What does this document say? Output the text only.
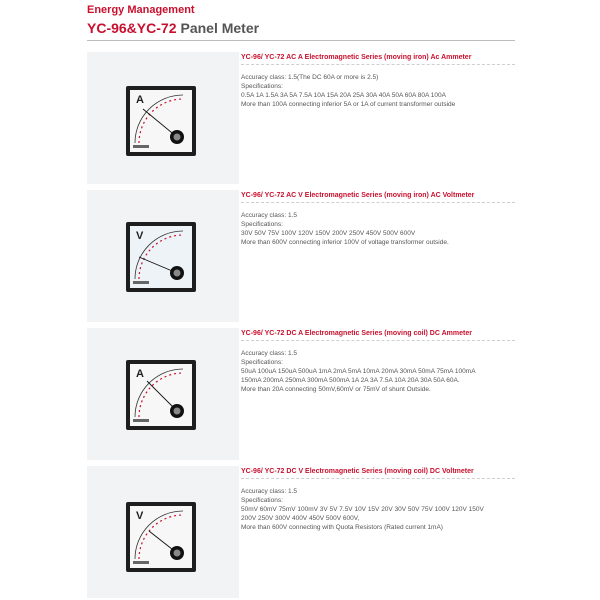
Energy Management
YC-96&YC-72 Panel Meter
A
YC-96/ YC-72 AC A Electromagnetic Series (moving iron) Ac Ammeter

Accuracy class: 1.5(The DC 60A or more is 2.5)

Specifications:

0.5A 1A 1.5A 3A 5A 7.5A 10A 15A 20A 25A 30A 40A 50A 60A 80A 100A

More than 100A connecting inferior 5A or 1A of current transformer outside

V
YC-96/ YC-72 AC V Electromagnetic Series (moving iron) AC Voltmeter

Accuracy class: 1.5

Specifications:

30V 50V 75V 100V 120V 150V 200V 250V 450V 500V 600V

More than 600V connecting inferior 100V of voltage transformer outside.

A
YC-96/ YC-72 DC A Electromagnetic Series (moving coil) DC Ammeter

Accuracy class: 1.5

Specifications:

50uA 100uA 150uA 500uA 1mA 2mA 5mA 10mA 20mA 30mA 50mA 75mA 100mA

150mA 200mA 250mA 300mA 500mA 1A 2A 3A 7.5A 10A 20A 30A 50A 60A.

More than 20A connecting 50mV,60mV or 75mV of shunt Outside.

V
YC-96/ YC-72 DC V Electromagnetic Series (moving coil) DC Voltmeter

Accuracy class: 1.5

Specifications:

50mV 60mV 75mV 100mV 3V 5V 7.5V 10V 15V 20V 30V 50V 75V 100V 120V 150V

200V 250V 300V 400V 450V 500V 600V,

More than 600V connecting with Quota Resistors (Rated current 1mA)
